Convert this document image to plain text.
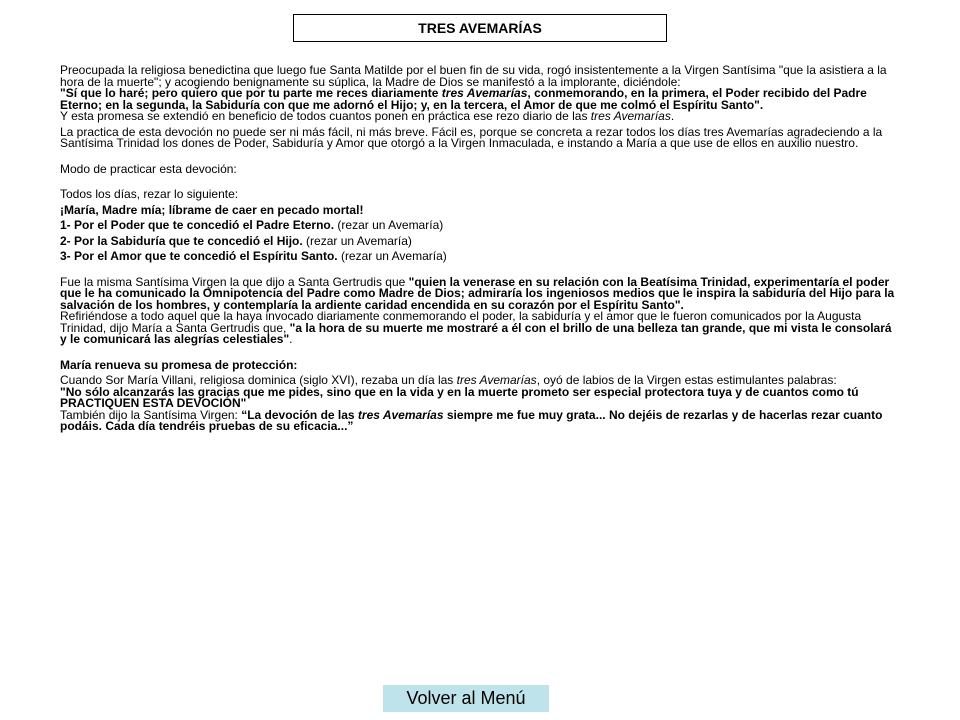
TRES AVEMARÍAS

Preocupada la religiosa benedictina que luego fue Santa Matilde por el buen fin de su vida, rogó insistentemente a la Virgen Santísima "que la asistiera a la hora de la muerte"; y acogiendo benignamente su súplica, la Madre de Dios se manifestó a la implorante, diciéndole:

"Sí que lo haré; pero quiero que por tu parte me reces diariamente tres Avemarías, conmemorando, en la primera, el Poder recibido del Padre Eterno; en la segunda, la Sabiduría con que me adornó el Hijo; y, en la tercera, el Amor de que me colmó el Espíritu Santo".

Y esta promesa se extendió en beneficio de todos cuantos ponen en práctica ese rezo diario de las tres Avemarías.

La practica de esta devoción no puede ser ni más fácil, ni más breve. Fácil es, porque se concreta a rezar todos los días tres Avemarías agradeciendo a la Santísima Trinidad los dones de Poder, Sabiduría y Amor que otorgó a la Virgen Inmaculada, e instando a María a que use de ellos en auxilio nuestro.

Modo de practicar esta devoción:

Todos los días, rezar lo siguiente:

¡María, Madre mía; líbrame de caer en pecado mortal!

1- Por el Poder que te concedió el Padre Eterno. (rezar un Avemaría)

2- Por la Sabiduría que te concedió el Hijo. (rezar un Avemaría)

3- Por el Amor que te concedió el Espíritu Santo. (rezar un Avemaría)

Fue la misma Santísima Virgen la que dijo a Santa Gertrudis que "quien la venerase en su relación con la Beatísima Trinidad, experimentaría el poder que le ha comunicado la Omnipotencia del Padre como Madre de Dios; admiraría los ingeniosos medios que le inspira la sabiduría del Hijo para la salvación de los hombres, y contemplaría la ardiente caridad encendida en su corazón por el Espíritu Santo".

Refiriéndose a todo aquel que la haya invocado diariamente conmemorando el poder, la sabiduría y el amor que le fueron comunicados por la Augusta Trinidad, dijo María a Santa Gertrudis que, "a la hora de su muerte me mostraré a él con el brillo de una belleza tan grande, que mi vista le consolará y le comunicará las alegrías celestiales".

María renueva su promesa de protección:

Cuando Sor María Villani, religiosa dominica (siglo XVI), rezaba un día las tres Avemarías, oyó de labios de la Virgen estas estimulantes palabras:

"No sólo alcanzarás las gracias que me pides, sino que en la vida y en la muerte prometo ser especial protectora tuya y de cuantos como tú PRACTIQUEN ESTA DEVOCIÓN"

También dijo la Santísima Virgen: “La devoción de las tres Avemarías siempre me fue muy grata... No dejéis de rezarlas y de hacerlas rezar cuanto podáis. Cada día tendréis pruebas de su eficacia...”

Volver al Menú
